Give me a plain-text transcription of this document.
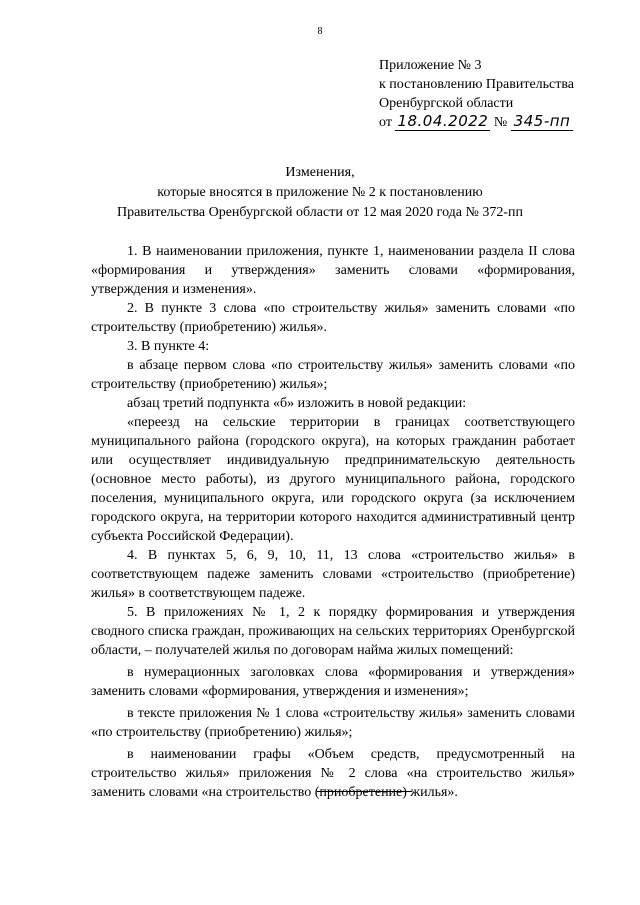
8
Приложение № 3
к постановлению Правительства
Оренбургской области
от 18.04.2022 № 345-пп
Изменения,
которые вносятся в приложение № 2 к постановлению
Правительства Оренбургской области от 12 мая 2020 года № 372-пп

1. В наименовании приложения, пункте 1, наименовании раздела II слова «формирования и утверждения» заменить словами «формирования, утверждения и изменения».

2. В пункте 3 слова «по строительству жилья» заменить словами «по строительству (приобретению) жилья».

3. В пункте 4:

в абзаце первом слова «по строительству жилья» заменить словами «по строительству (приобретению) жилья»;

абзац третий подпункта «б» изложить в новой редакции:

«переезд на сельские территории в границах соответствующего муниципального района (городского округа), на которых гражданин работает или осуществляет индивидуальную предпринимательскую деятельность (основное место работы), из другого муниципального района, городского поселения, муниципального округа, или городского округа (за исключением городского округа, на территории которого находится административный центр субъекта Российской Федерации).

4. В пунктах 5, 6, 9, 10, 11, 13 слова «строительство жилья» в соответствующем падеже заменить словами «строительство (приобретение) жилья» в соответствующем падеже.

5. В приложениях № 1, 2 к порядку формирования и утверждения сводного списка граждан, проживающих на сельских территориях Оренбургской области, – получателей жилья по договорам найма жилых помещений:

в нумерационных заголовках слова «формирования и утверждения» заменить словами «формирования, утверждения и изменения»;

в тексте приложения № 1 слова «строительству жилья» заменить словами «по строительству (приобретению) жилья»;

в наименовании графы «Объем средств, предусмотренный на строительство жилья» приложения № 2 слова «на строительство жилья» заменить словами «на строительство (приобретение) жилья».
